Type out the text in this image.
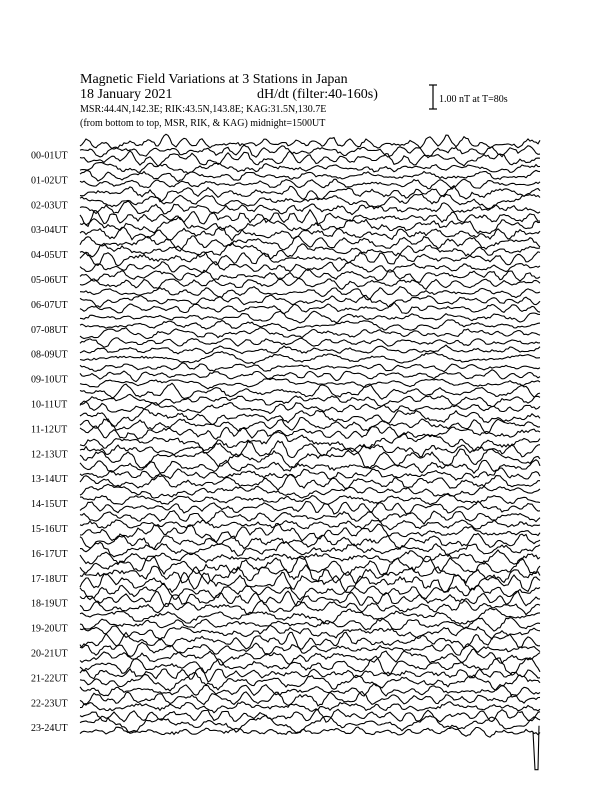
Magnetic Field Variations at 3 Stations in Japan
18 January 2021	dH/dt (filter:40-160s)
MSR:44.4N,142.3E; RIK:43.5N,143.8E; KAG:31.5N,130.7E
(from bottom to top, MSR, RIK, & KAG) midnight=1500UT
1.00 nT at T=80s
00-01UT
01-02UT
02-03UT
03-04UT
04-05UT
05-06UT
06-07UT
07-08UT
08-09UT
09-10UT
10-11UT
11-12UT
12-13UT
13-14UT
14-15UT
15-16UT
16-17UT
17-18UT
18-19UT
19-20UT
20-21UT
21-22UT
22-23UT
23-24UT
